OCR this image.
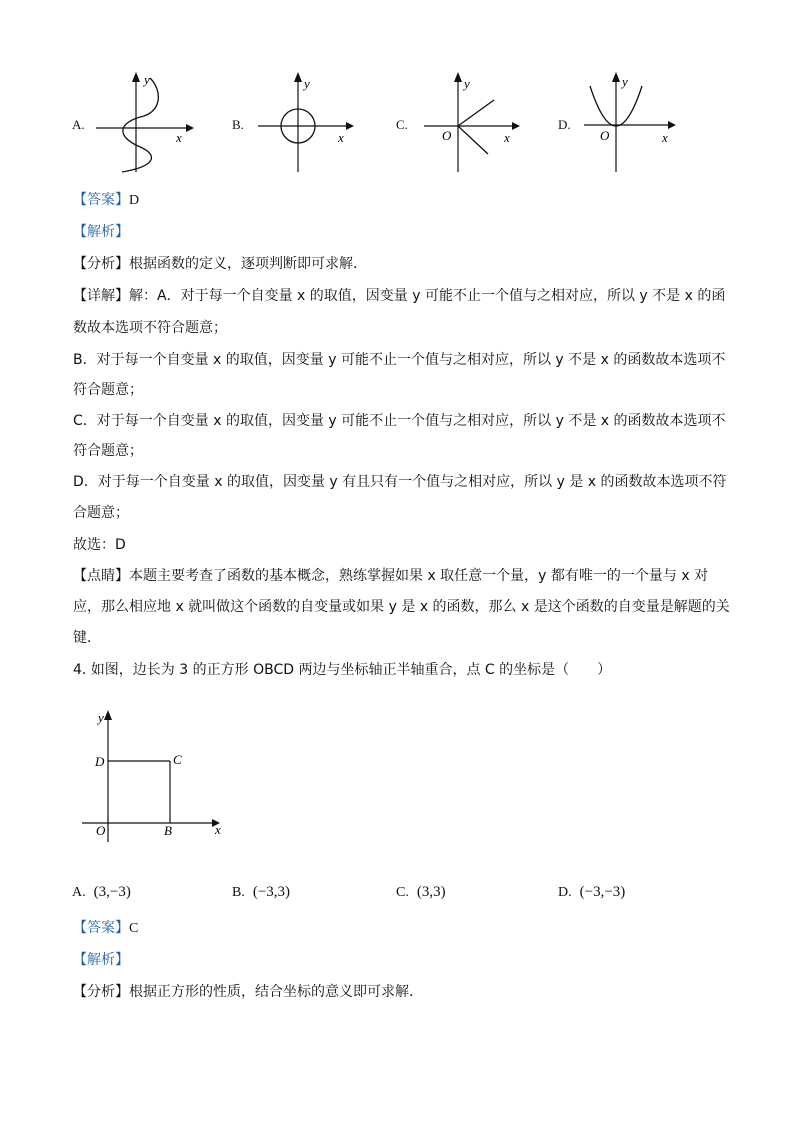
A.
y
x
B.
y
x
C.
O
y
x
D.
O
y
x
【答案】D
【解析】
【分析】根据函数的定义，逐项判断即可求解．
【详解】解：A．对于每一个自变量 x 的取值，因变量 y 可能不止一个值与之相对应，所以 y 不是 x 的函
数故本选项不符合题意；
B．对于每一个自变量 x 的取值，因变量 y 可能不止一个值与之相对应，所以 y 不是 x 的函数故本选项不
符合题意；
C．对于每一个自变量 x 的取值，因变量 y 可能不止一个值与之相对应，所以 y 不是 x 的函数故本选项不
符合题意；
D．对于每一个自变量 x 的取值，因变量 y 有且只有一个值与之相对应，所以 y 是 x 的函数故本选项不符
合题意；
故选：D
【点睛】本题主要考查了函数的基本概念，熟练掌握如果 x 取任意一个量，y 都有唯一的一个量与 x 对
应，那么相应地 x 就叫做这个函数的自变量或如果 y 是 x 的函数，那么 x 是这个函数的自变量是解题的关
键．
4. 如图，边长为 3 的正方形 OBCD 两边与坐标轴正半轴重合，点 C 的坐标是（　　）
y
x
O	B
C
D
A. (3,−3)	B. (−3,3)	C. (3,3)	D. (−3,−3)
【答案】C
【解析】
【分析】根据正方形的性质，结合坐标的意义即可求解．
